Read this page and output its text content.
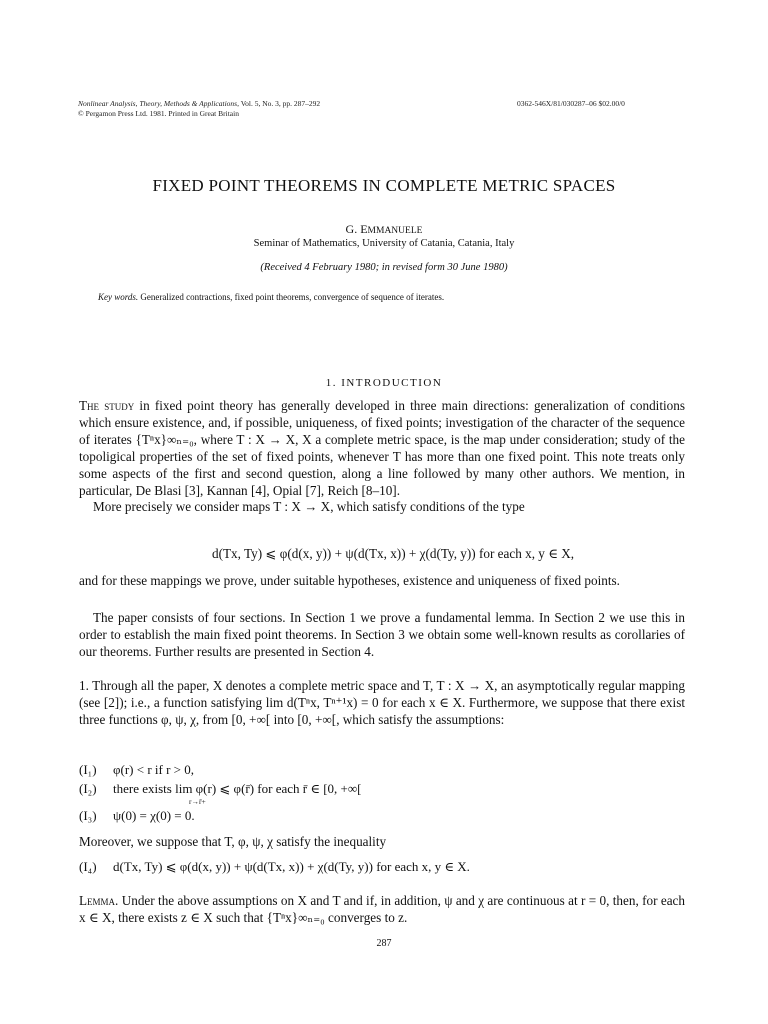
Nonlinear Analysis, Theory, Methods & Applications, Vol. 5, No. 3, pp. 287–292
© Pergamon Press Ltd. 1981. Printed in Great Britain
0362-546X/81/030287–06 $02.00/0
FIXED POINT THEOREMS IN COMPLETE METRIC SPACES
G. EMMANUELE
Seminar of Mathematics, University of Catania, Catania, Italy
(Received 4 February 1980; in revised form 30 June 1980)
Key words. Generalized contractions, fixed point theorems, convergence of sequence of iterates.
1. INTRODUCTION
The study in fixed point theory has generally developed in three main directions: generalization of conditions which ensure existence, and, if possible, uniqueness, of fixed points; investigation of the character of the sequence of iterates {Tⁿx}∞ₙ₌₀, where T : X → X, X a complete metric space, is the map under consideration; study of the topoligical properties of the set of fixed points, whenever T has more than one fixed point. This note treats only some aspects of the first and second question, along a line followed by many other authors. We mention, in particular, De Blasi [3], Kannan [4], Opial [7], Reich [8–10].

More precisely we consider maps T : X → X, which satisfy conditions of the type
d(Tx, Ty) ⩽ φ(d(x, y)) + ψ(d(Tx, x)) + χ(d(Ty, y)) for each x, y ∈ X,
and for these mappings we prove, under suitable hypotheses, existence and uniqueness of fixed points.
The paper consists of four sections. In Section 1 we prove a fundamental lemma. In Section 2 we use this in order to establish the main fixed point theorems. In Section 3 we obtain some well-known results as corollaries of our theorems. Further results are presented in Section 4.
1. Through all the paper, X denotes a complete metric space and T, T : X → X, an asymptotically regular mapping (see [2]); i.e., a function satisfying lim d(Tⁿx, Tⁿ⁺¹x) = 0 for each x ∈ X. Furthermore, we suppose that there exist three functions φ, ψ, χ, from [0, +∞[ into [0, +∞[, which satisfy the assumptions:
(I₁) φ(r) < r if r > 0,
(I₂) there exists lim φ(r) ⩽ φ(r̄) for each r̄ ∈ [0, +∞[
r→r̄+
(I₃) ψ(0) = χ(0) = 0.
Moreover, we suppose that T, φ, ψ, χ satisfy the inequality
(I₄) d(Tx, Ty) ⩽ φ(d(x, y)) + ψ(d(Tx, x)) + χ(d(Ty, y)) for each x, y ∈ X.
Lemma. Under the above assumptions on X and T and if, in addition, ψ and χ are continuous at r = 0, then, for each x ∈ X, there exists z ∈ X such that {Tⁿx}∞ₙ₌₀ converges to z.
287
